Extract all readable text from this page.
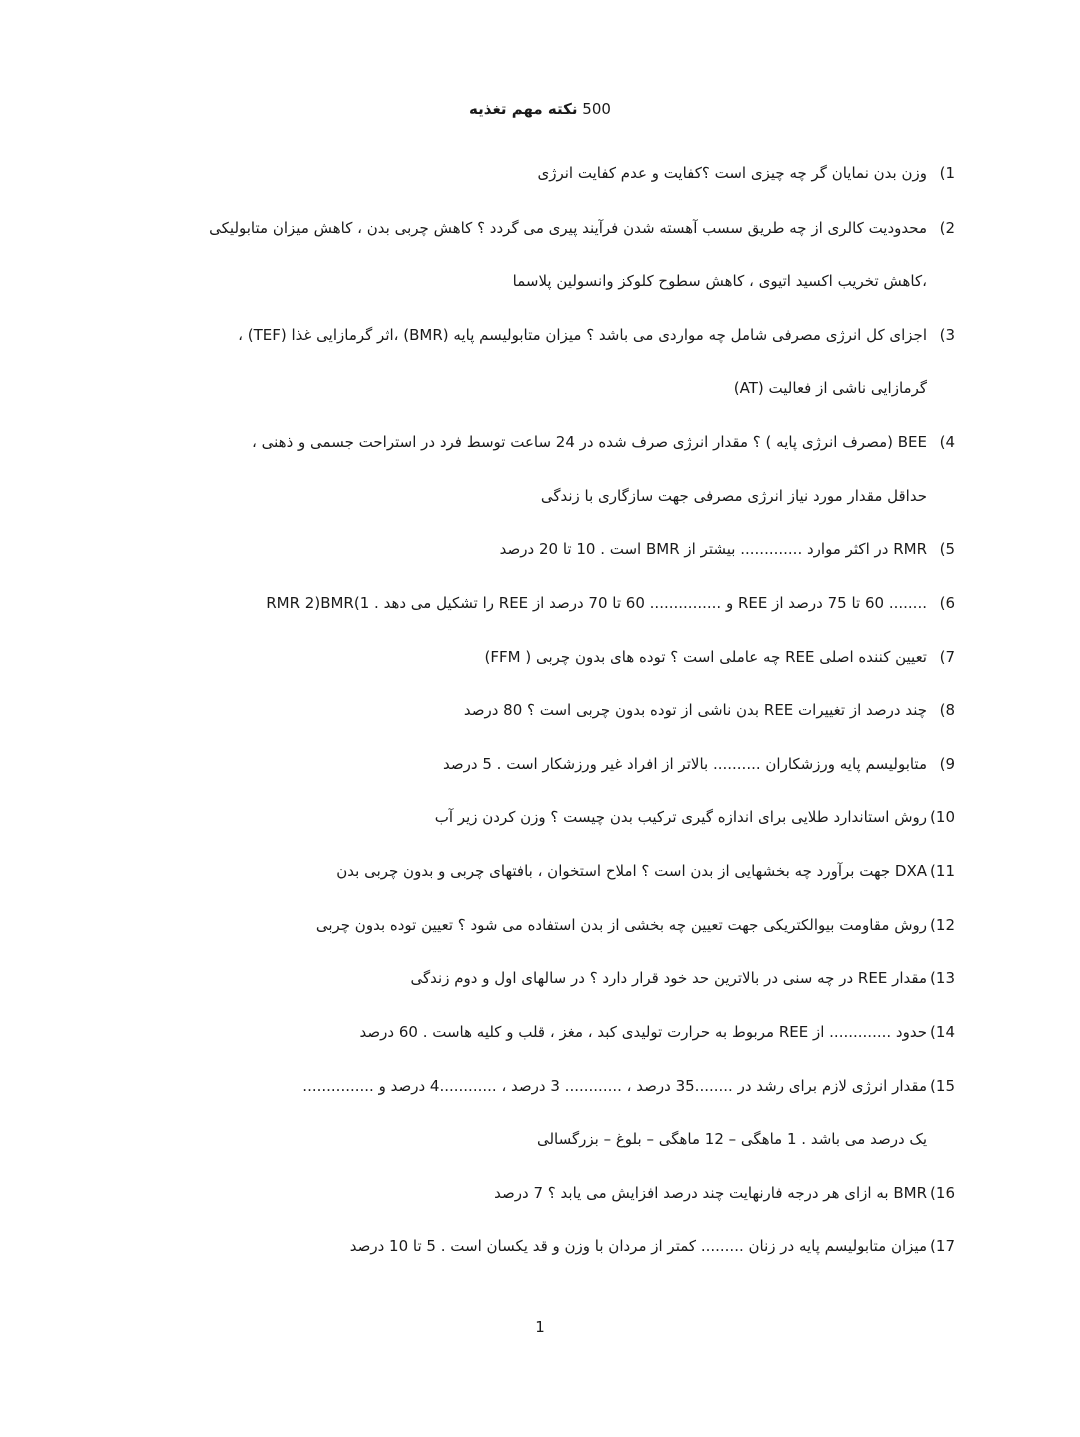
500 نکته مهم تغذیه
1)وزن بدن نمایان گر چه چیزی است ؟کفایت و عدم کفایت انرژی
2)محدودیت کالری از چه طریق سسب آهسته شدن فرآیند پیری می گردد ؟ کاهش چربی بدن ، کاهش میزان متابولیکی
،کاهش تخریب اکسید اتیوی ، کاهش سطوح کلوکز وانسولین پلاسما
3)اجزای کل انرژی مصرفی شامل چه مواردی می باشد ؟ میزان متابولیسم پایه (BMR) ،اثر گرمازایی غذا (TEF) ،
گرمازایی ناشی از فعالیت (AT)
4)BEE (مصرف انرژی پایه ) ؟ مقدار انرژی صرف شده در 24 ساعت توسط فرد در استراحت جسمی و ذهنی ،
حداقل مقدار مورد نیاز انرژی مصرفی جهت سازگاری با زندگی
5)RMR در اکثر موارد ............. بیشتر از BMR است . 10 تا 20 درصد
6)........ 60 تا 75 درصد از REE و ............... 60 تا 70 درصد از REE را تشکیل می دهد . 1)RMR 2)BMR
7)تعیین کننده اصلی REE چه عاملی است ؟ توده های بدون چربی ( FFM)
8)چند درصد از تغییرات REE بدن ناشی از توده بدون چربی است ؟ 80 درصد
9)متابولیسم پایه ورزشکاران .......... بالاتر از افراد غیر ورزشکار است . 5 درصد
10)روش استاندارد طلایی برای اندازه گیری ترکیب بدن چیست ؟ وزن کردن زیر آب
11)DXA جهت برآورد چه بخشهایی از بدن است ؟ املاح استخوان ، بافتهای چربی و بدون چربی بدن
12)روش مقاومت بیوالکتریکی جهت تعیین چه بخشی از بدن استفاده می شود ؟ تعیین توده بدون چربی
13)مقدار REE در چه سنی در بالاترین حد خود قرار دارد ؟ در سالهای اول و دوم زندگی
14)حدود ............. از REE مربوط به حرارت تولیدی کبد ، مغز ، قلب و کلیه هاست . 60 درصد
15)مقدار انرژی لازم برای رشد در ........35 درصد ، ............ 3 درصد ، ............4 درصد و ...............
یک درصد می باشد . 1 ماهگی – 12 ماهگی – بلوغ – بزرگسالی
16)BMR به ازای هر درجه فارنهایت چند درصد افزایش می یابد ؟ 7 درصد
17)میزان متابولیسم پایه در زنان ......... کمتر از مردان با وزن و قد یکسان است . 5 تا 10 درصد
1
